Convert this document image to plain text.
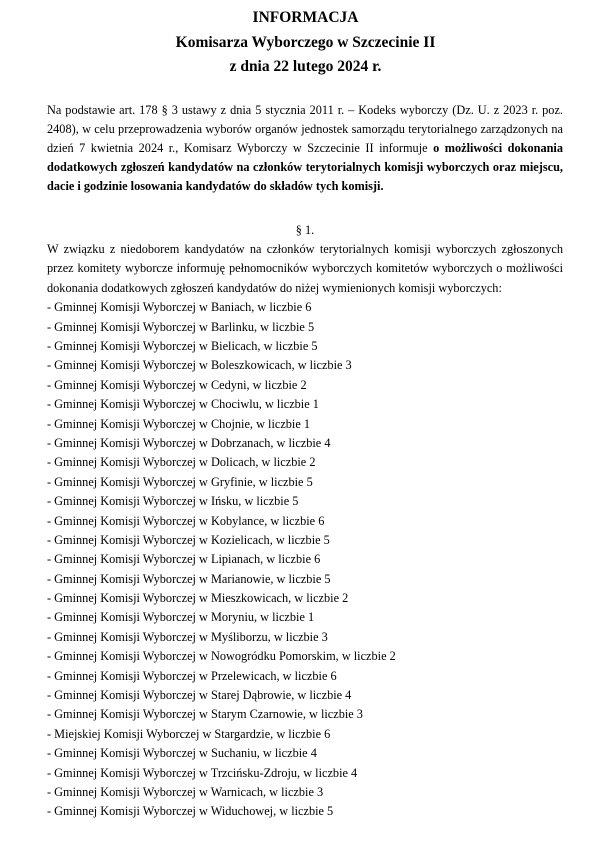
INFORMACJA
Komisarza Wyborczego w Szczecinie II
z dnia 22 lutego 2024 r.
Na podstawie art. 178 § 3 ustawy z dnia 5 stycznia 2011 r. – Kodeks wyborczy (Dz. U. z 2023 r. poz. 2408), w celu przeprowadzenia wyborów organów jednostek samorządu terytorialnego zarządzonych na dzień 7 kwietnia 2024 r., Komisarz Wyborczy w Szczecinie II informuje o możliwości dokonania dodatkowych zgłoszeń kandydatów na członków terytorialnych komisji wyborczych oraz miejscu, dacie i godzinie losowania kandydatów do składów tych komisji.
§ 1.
W związku z niedoborem kandydatów na członków terytorialnych komisji wyborczych zgłoszonych przez komitety wyborcze informuję pełnomocników wyborczych komitetów wyborczych o możliwości dokonania dodatkowych zgłoszeń kandydatów do niżej wymienionych komisji wyborczych:
- Gminnej Komisji Wyborczej w Baniach, w liczbie 6
- Gminnej Komisji Wyborczej w Barlinku, w liczbie 5
- Gminnej Komisji Wyborczej w Bielicach, w liczbie 5
- Gminnej Komisji Wyborczej w Boleszkowicach, w liczbie 3
- Gminnej Komisji Wyborczej w Cedyni, w liczbie 2
- Gminnej Komisji Wyborczej w Chociwlu, w liczbie 1
- Gminnej Komisji Wyborczej w Chojnie, w liczbie 1
- Gminnej Komisji Wyborczej w Dobrzanach, w liczbie 4
- Gminnej Komisji Wyborczej w Dolicach, w liczbie 2
- Gminnej Komisji Wyborczej w Gryfinie, w liczbie 5
- Gminnej Komisji Wyborczej w Ińsku, w liczbie 5
- Gminnej Komisji Wyborczej w Kobylance, w liczbie 6
- Gminnej Komisji Wyborczej w Kozielicach, w liczbie 5
- Gminnej Komisji Wyborczej w Lipianach, w liczbie 6
- Gminnej Komisji Wyborczej w Marianowie, w liczbie 5
- Gminnej Komisji Wyborczej w Mieszkowicach, w liczbie 2
- Gminnej Komisji Wyborczej w Moryniu, w liczbie 1
- Gminnej Komisji Wyborczej w Myśliborzu, w liczbie 3
- Gminnej Komisji Wyborczej w Nowogródku Pomorskim, w liczbie 2
- Gminnej Komisji Wyborczej w Przelewicach, w liczbie 6
- Gminnej Komisji Wyborczej w Starej Dąbrowie, w liczbie 4
- Gminnej Komisji Wyborczej w Starym Czarnowie, w liczbie 3
- Miejskiej Komisji Wyborczej w Stargardzie, w liczbie 6
- Gminnej Komisji Wyborczej w Suchaniu, w liczbie 4
- Gminnej Komisji Wyborczej w Trzcińsku-Zdroju, w liczbie 4
- Gminnej Komisji Wyborczej w Warnicach, w liczbie 3
- Gminnej Komisji Wyborczej w Widuchowej, w liczbie 5
